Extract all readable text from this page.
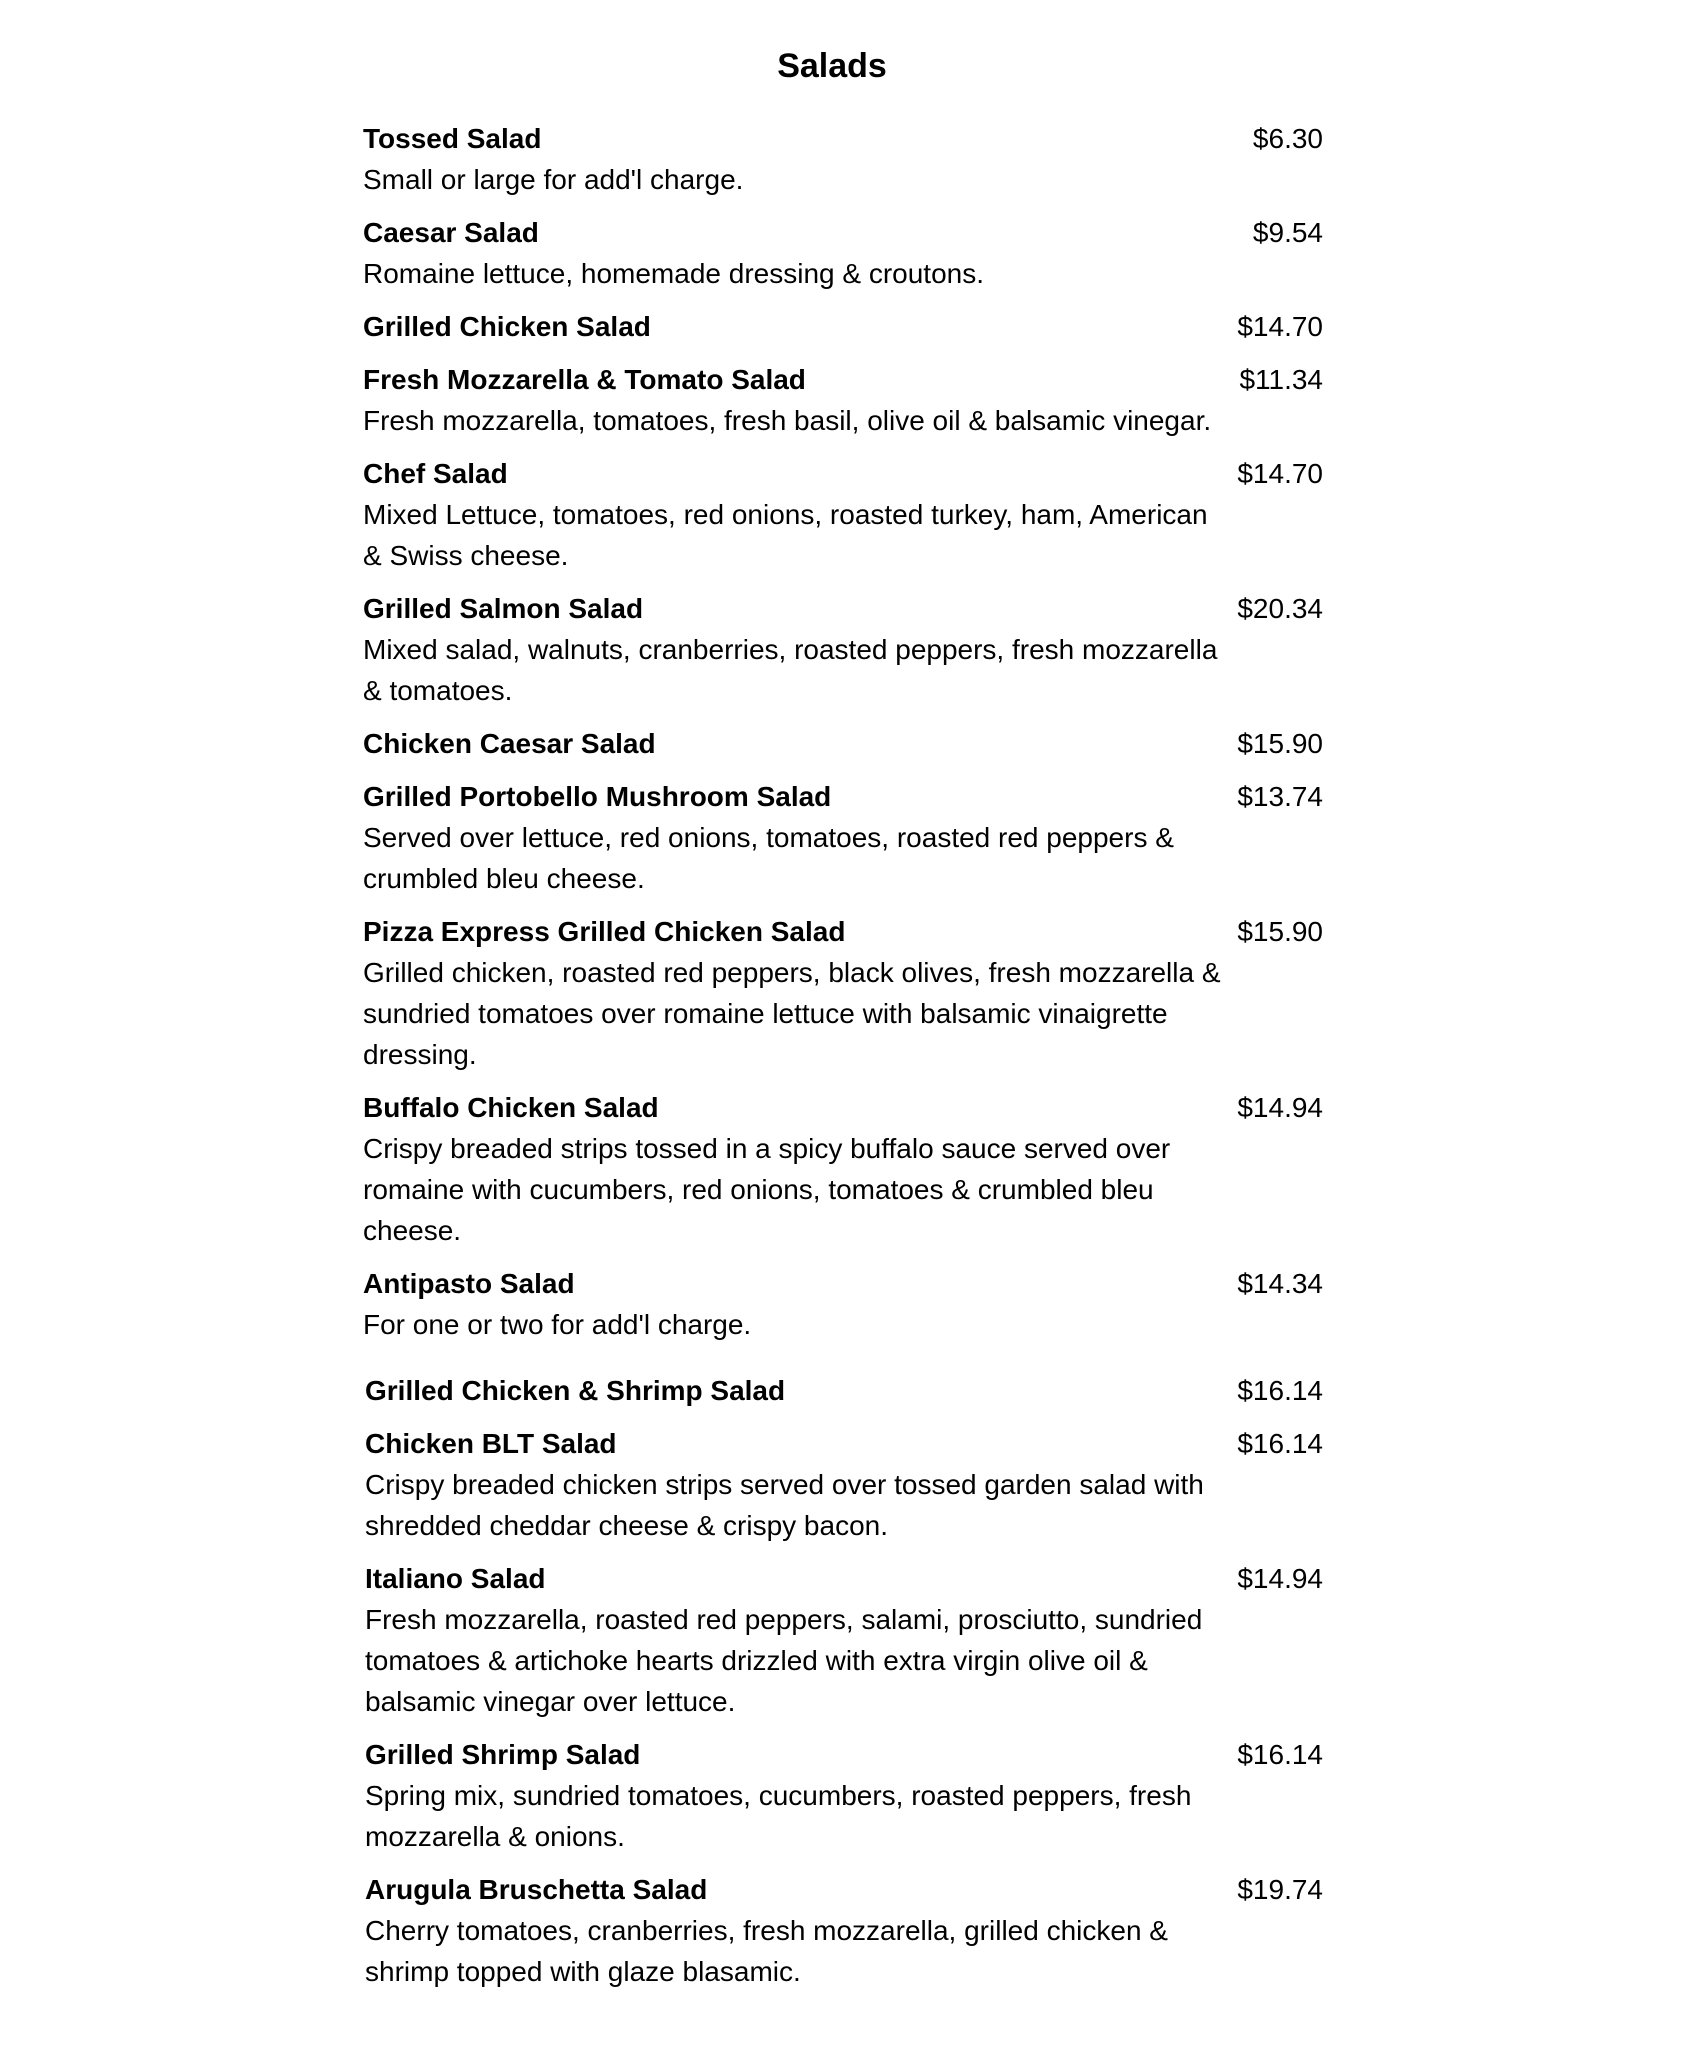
Salads
Tossed Salad	$6.30
Small or large for add'l charge.
Caesar Salad	$9.54
Romaine lettuce, homemade dressing & croutons.
Grilled Chicken Salad	$14.70
Fresh Mozzarella & Tomato Salad	$11.34
Fresh mozzarella, tomatoes, fresh basil, olive oil & balsamic vinegar.
Chef Salad	$14.70
Mixed Lettuce, tomatoes, red onions, roasted turkey, ham, American & Swiss cheese.
Grilled Salmon Salad	$20.34
Mixed salad, walnuts, cranberries, roasted peppers, fresh mozzarella & tomatoes.
Chicken Caesar Salad	$15.90
Grilled Portobello Mushroom Salad	$13.74
Served over lettuce, red onions, tomatoes, roasted red peppers & crumbled bleu cheese.
Pizza Express Grilled Chicken Salad	$15.90
Grilled chicken, roasted red peppers, black olives, fresh mozzarella & sundried tomatoes over romaine lettuce with balsamic vinaigrette dressing.
Buffalo Chicken Salad	$14.94
Crispy breaded strips tossed in a spicy buffalo sauce served over romaine with cucumbers, red onions, tomatoes & crumbled bleu cheese.
Antipasto Salad	$14.34
For one or two for add'l charge.
Grilled Chicken & Shrimp Salad	$16.14
Chicken BLT Salad	$16.14
Crispy breaded chicken strips served over tossed garden salad with shredded cheddar cheese & crispy bacon.
Italiano Salad	$14.94
Fresh mozzarella, roasted red peppers, salami, prosciutto, sundried tomatoes & artichoke hearts drizzled with extra virgin olive oil & balsamic vinegar over lettuce.
Grilled Shrimp Salad	$16.14
Spring mix, sundried tomatoes, cucumbers, roasted peppers, fresh mozzarella & onions.
Arugula Bruschetta Salad	$19.74
Cherry tomatoes, cranberries, fresh mozzarella, grilled chicken & shrimp topped with glaze blasamic.
